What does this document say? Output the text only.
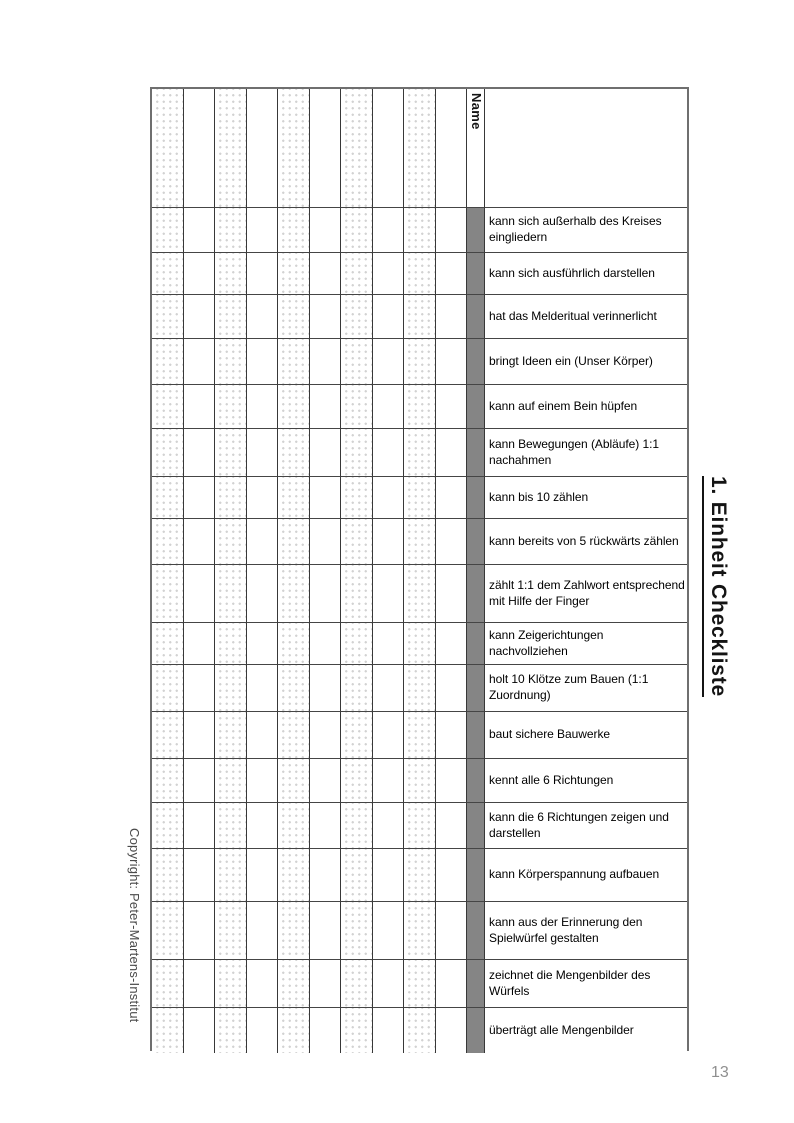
Name
kann sich außerhalb des Kreises eingliedern
kann sich ausführlich darstellen
hat das Melderitual verinnerlicht
bringt Ideen ein (Unser Körper)
kann auf einem Bein hüpfen
kann Bewegungen (Abläufe) 1:1 nachahmen
kann bis 10 zählen
kann bereits von 5 rückwärts zählen
zählt 1:1 dem Zahlwort entsprechend mit Hilfe der Finger
kann Zeigerichtungen nachvollziehen
holt 10 Klötze zum Bauen (1:1 Zuordnung)
baut sichere Bauwerke
kennt alle 6 Richtungen
kann die 6 Richtungen zeigen und darstellen
kann Körperspannung aufbauen
kann aus der Erinnerung den Spielwürfel gestalten
zeichnet die Mengenbilder des Würfels
überträgt alle Mengenbilder
1. Einheit Checkliste
Copyright: Peter-Martens-Institut
13
